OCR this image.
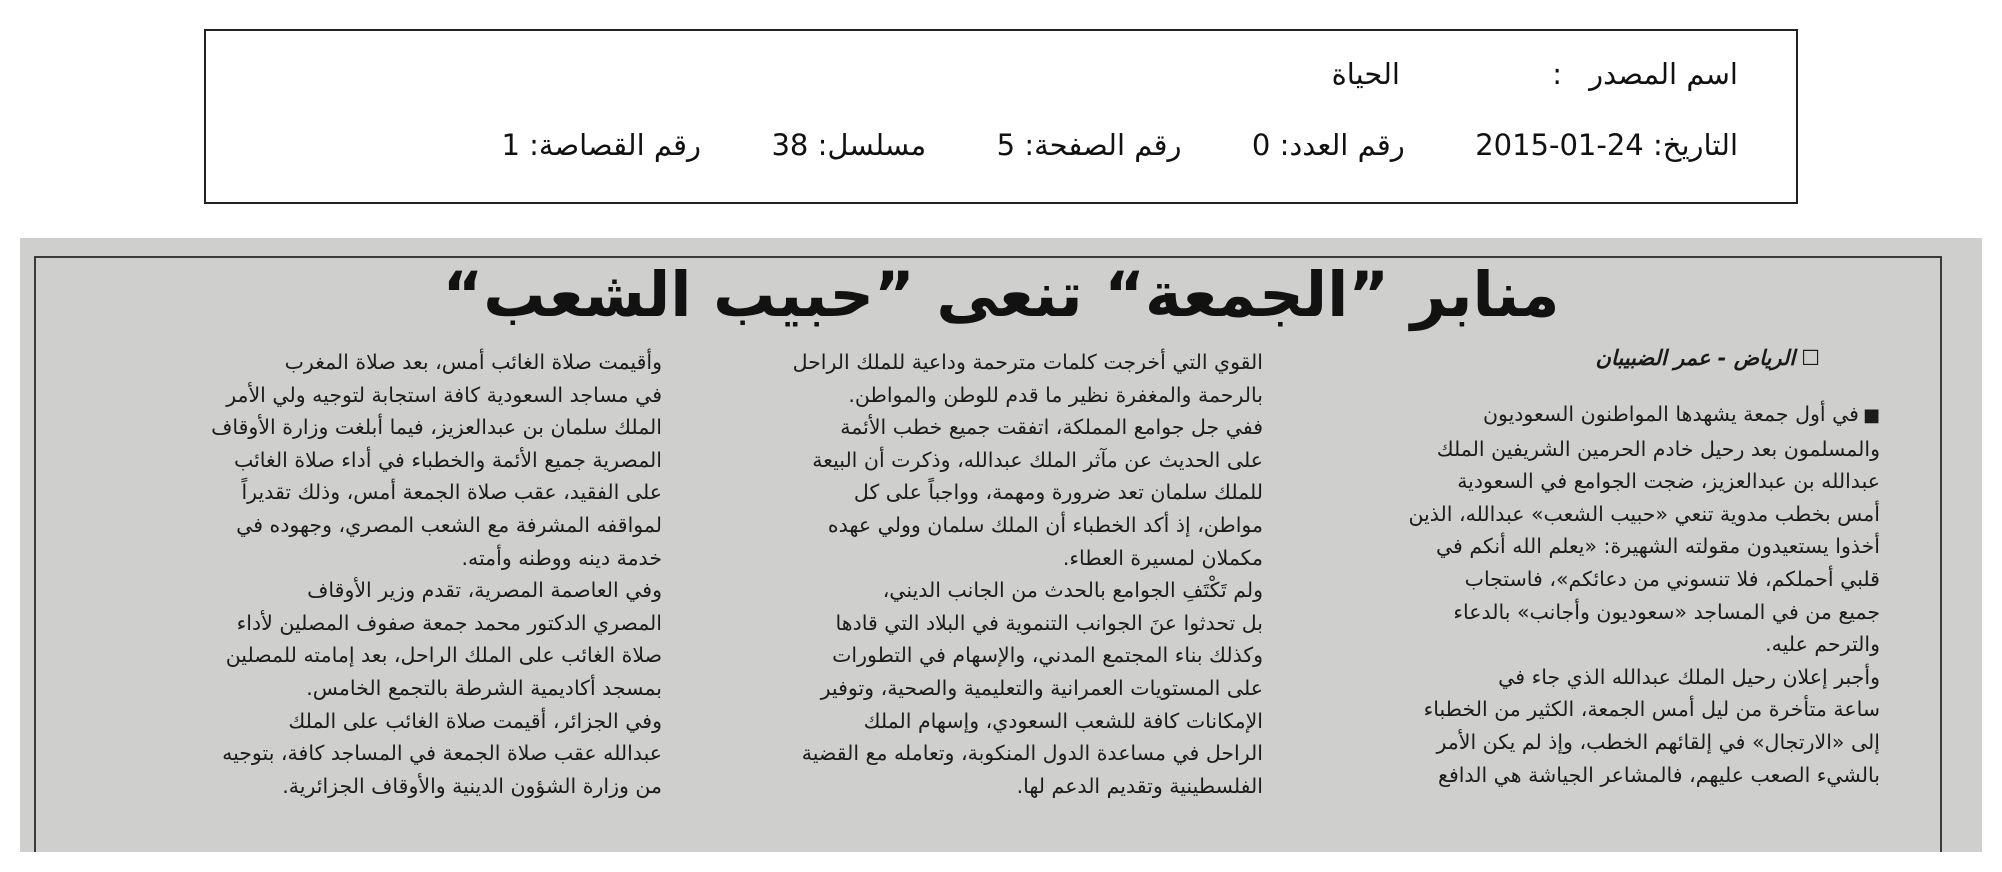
اسم المصدر:الحياة
التاريخ: 2015-01-24  رقم العدد: 0  رقم الصفحة: 5  مسلسل: 38  رقم القصاصة: 1
منابر ”الجمعة“ تنعى ”حبيب الشعب“
☐الرياض - عمر الضبيبان
■في أول جمعة يشهدها المواطنون السعوديون
والمسلمون بعد رحيل خادم الحرمين الشريفين الملك
عبدالله بن عبدالعزيز، ضجت الجوامع في السعودية
أمس بخطب مدوية تنعي «حبيب الشعب» عبدالله، الذين
أخذوا يستعيدون مقولته الشهيرة: «يعلم الله أنكم في
قلبي أحملكم، فلا تنسوني من دعائكم»، فاستجاب
جميع من في المساجد «سعوديون وأجانب» بالدعاء
والترحم عليه.
وأجبر إعلان رحيل الملك عبدالله الذي جاء في
ساعة متأخرة من ليل أمس الجمعة، الكثير من الخطباء
إلى «الارتجال» في إلقائهم الخطب، وإذ لم يكن الأمر
بالشيء الصعب عليهم، فالمشاعر الجياشة هي الدافع
القوي التي أخرجت كلمات مترحمة وداعية للملك الراحل
بالرحمة والمغفرة نظير ما قدم للوطن والمواطن.
ففي جل جوامع المملكة، اتفقت جميع خطب الأئمة
على الحديث عن مآثر الملك عبدالله، وذكرت أن البيعة
للملك سلمان تعد ضرورة ومهمة، وواجباً على كل
مواطن، إذ أكد الخطباء أن الملك سلمان وولي عهده
مكملان لمسيرة العطاء.
ولم تَكْتَفِ الجوامع بالحدث من الجانب الديني،
بل تحدثوا عنَ الجوانب التنموية في البلاد التي قادها
وكذلك بناء المجتمع المدني، والإسهام في التطورات
على المستويات العمرانية والتعليمية والصحية، وتوفير
الإمكانات كافة للشعب السعودي، وإسهام الملك
الراحل في مساعدة الدول المنكوبة، وتعامله مع القضية
الفلسطينية وتقديم الدعم لها.
وأقيمت صلاة الغائب أمس، بعد صلاة المغرب
في مساجد السعودية كافة استجابة لتوجيه ولي الأمر
الملك سلمان بن عبدالعزيز، فيما أبلغت وزارة الأوقاف
المصرية جميع الأئمة والخطباء في أداء صلاة الغائب
على الفقيد، عقب صلاة الجمعة أمس، وذلك تقديراً
لمواقفه المشرفة مع الشعب المصري، وجهوده في
خدمة دينه ووطنه وأمته.
وفي العاصمة المصرية، تقدم وزير الأوقاف
المصري الدكتور محمد جمعة صفوف المصلين لأداء
صلاة الغائب على الملك الراحل، بعد إمامته للمصلين
بمسجد أكاديمية الشرطة بالتجمع الخامس.
وفي الجزائر، أقيمت صلاة الغائب على الملك
عبدالله عقب صلاة الجمعة في المساجد كافة، بتوجيه
من وزارة الشؤون الدينية والأوقاف الجزائرية.
